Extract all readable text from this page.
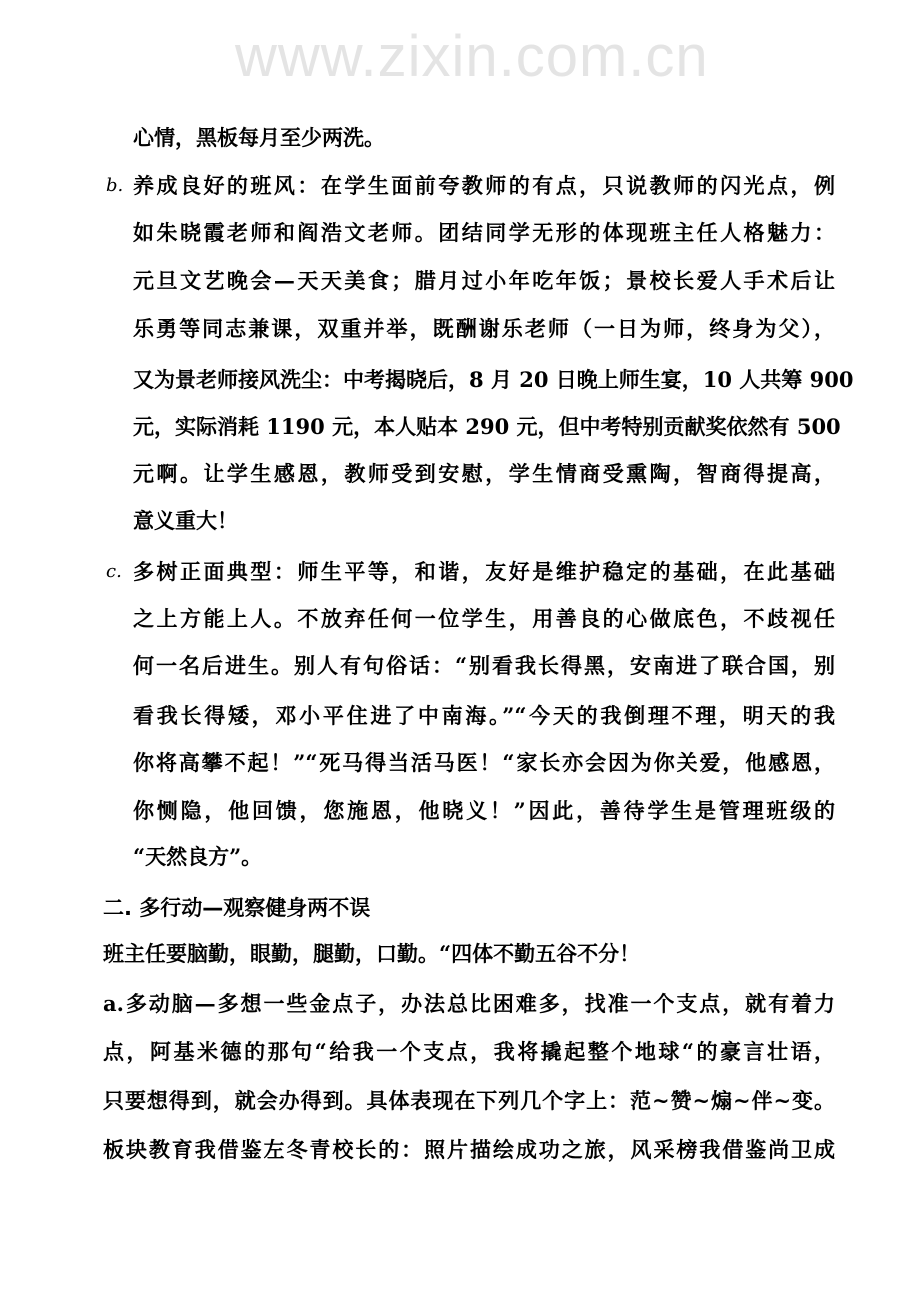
www.zixin.com.cn
心情，黑板每月至少两洗。
b. 养成良好的班风：在学生面前夸教师的有点，只说教师的闪光点，例
如朱晓霞老师和阎浩文老师。团结同学无形的体现班主任人格魅力：
元旦文艺晚会—天天美食；腊月过小年吃年饭；景校长爱人手术后让
乐勇等同志兼课，双重并举，既酬谢乐老师（一日为师，终身为父），
又为景老师接风洗尘：中考揭晓后，8 月 20 日晚上师生宴，10 人共筹 900
元，实际消耗 1190 元，本人贴本 290 元，但中考特别贡献奖依然有 500
元啊。让学生感恩，教师受到安慰，学生情商受熏陶，智商得提高，
意义重大！
c. 多树正面典型：师生平等，和谐，友好是维护稳定的基础，在此基础
之上方能上人。不放弃任何一位学生，用善良的心做底色，不歧视任
何一名后进生。别人有句俗话：“别看我长得黑，安南进了联合国，别
看我长得矮，邓小平住进了中南海。”“今天的我倒理不理，明天的我
你将高攀不起！”“死马得当活马医！“家长亦会因为你关爱，他感恩，
你恻隐，他回馈，您施恩，他晓义！”因此，善待学生是管理班级的
“天然良方”。
二. 多行动—观察健身两不误
班主任要脑勤，眼勤，腿勤，口勤。“四体不勤五谷不分！
a.多动脑—多想一些金点子，办法总比困难多，找准一个支点，就有着力
点，阿基米德的那句“给我一个支点，我将撬起整个地球“的豪言壮语，
只要想得到，就会办得到。具体表现在下列几个字上：范~赞~煽~伴~变。
板块教育我借鉴左冬青校长的：照片描绘成功之旅，风采榜我借鉴尚卫成
